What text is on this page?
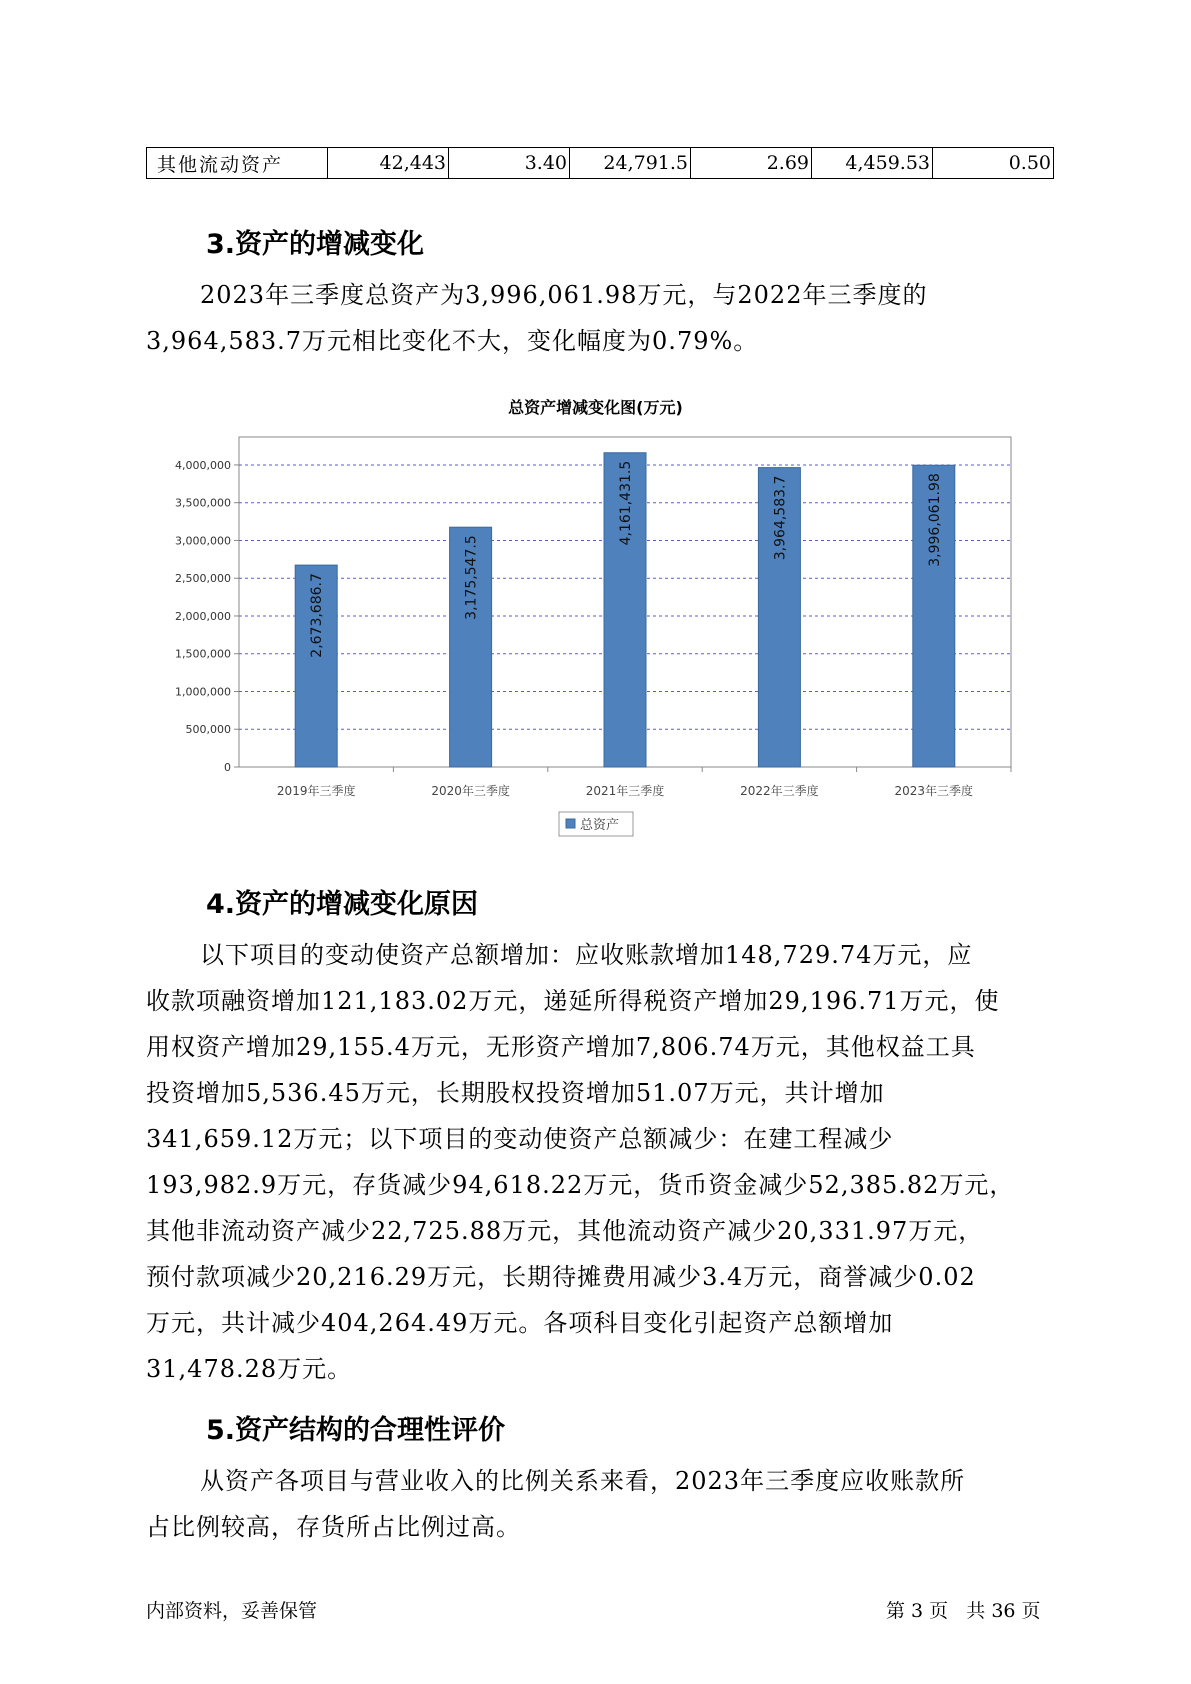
其他流动资产	42,443	3.40	24,791.5	2.69	4,459.53	0.50
3.资产的增减变化
2023年三季度总资产为3,996,061.98万元，与2022年三季度的
3,964,583.7万元相比变化不大，变化幅度为0.79%。
总资产增减变化图(万元)
0
500,000
1,000,000
1,500,000
2,000,000
2,500,000
3,000,000
3,500,000
4,000,000
2,673,686.7
2019年三季度
3,175,547.5
2020年三季度
4,161,431.5
2021年三季度
3,964,583.7
2022年三季度
3,996,061.98
2023年三季度
总资产
4.资产的增减变化原因
以下项目的变动使资产总额增加：应收账款增加148,729.74万元，应
收款项融资增加121,183.02万元，递延所得税资产增加29,196.71万元，使
用权资产增加29,155.4万元，无形资产增加7,806.74万元，其他权益工具
投资增加5,536.45万元，长期股权投资增加51.07万元，共计增加
341,659.12万元；以下项目的变动使资产总额减少：在建工程减少
193,982.9万元，存货减少94,618.22万元，货币资金减少52,385.82万元，
其他非流动资产减少22,725.88万元，其他流动资产减少20,331.97万元，
预付款项减少20,216.29万元，长期待摊费用减少3.4万元，商誉减少0.02
万元，共计减少404,264.49万元。各项科目变化引起资产总额增加
31,478.28万元。
5.资产结构的合理性评价
从资产各项目与营业收入的比例关系来看，2023年三季度应收账款所
占比例较高，存货所占比例过高。
内部资料，妥善保管	第 3 页   共 36 页
